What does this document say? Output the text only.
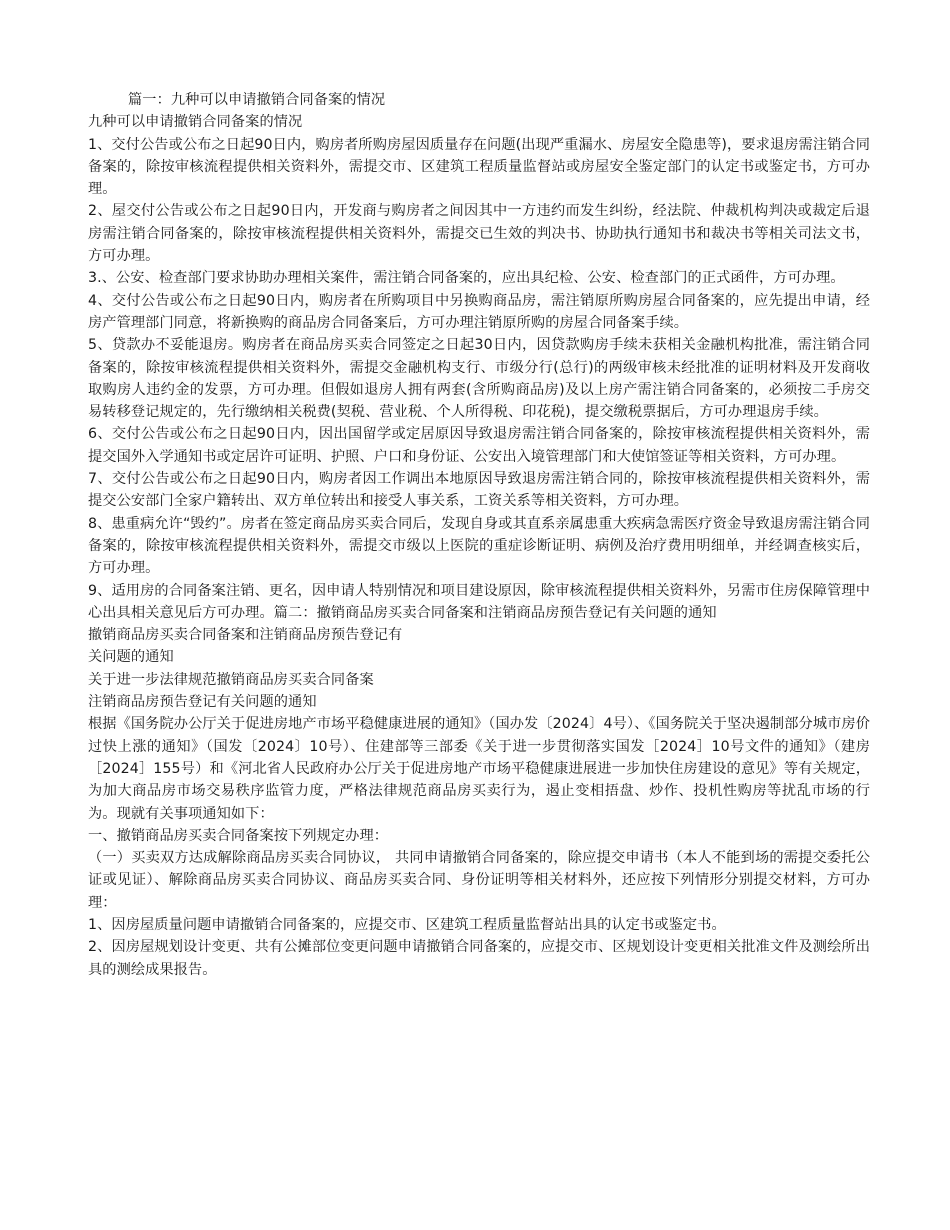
篇一：九种可以申请撤销合同备案的情况

九种可以申请撤销合同备案的情况

1、交付公告或公布之日起90日内，购房者所购房屋因质量存在问题(出现严重漏水、房屋安全隐患等)，要求退房需注销合同备案的，除按审核流程提供相关资料外，需提交市、区建筑工程质量监督站或房屋安全鉴定部门的认定书或鉴定书，方可办理。

2、屋交付公告或公布之日起90日内，开发商与购房者之间因其中一方违约而发生纠纷，经法院、仲裁机构判决或裁定后退房需注销合同备案的，除按审核流程提供相关资料外，需提交已生效的判决书、协助执行通知书和裁决书等相关司法文书，方可办理。

3.、公安、检查部门要求协助办理相关案件，需注销合同备案的，应出具纪检、公安、检查部门的正式函件，方可办理。

4、交付公告或公布之日起90日内，购房者在所购项目中另换购商品房，需注销原所购房屋合同备案的，应先提出申请，经房产管理部门同意，将新换购的商品房合同备案后，方可办理注销原所购的房屋合同备案手续。

5、贷款办不妥能退房。购房者在商品房买卖合同签定之日起30日内，因贷款购房手续未获相关金融机构批准，需注销合同备案的，除按审核流程提供相关资料外，需提交金融机构支行、市级分行(总行)的两级审核未经批准的证明材料及开发商收取购房人违约金的发票，方可办理。但假如退房人拥有两套(含所购商品房)及以上房产需注销合同备案的，必须按二手房交易转移登记规定的，先行缴纳相关税费(契税、营业税、个人所得税、印花税)，提交缴税票据后，方可办理退房手续。

6、交付公告或公布之日起90日内，因出国留学或定居原因导致退房需注销合同备案的，除按审核流程提供相关资料外，需提交国外入学通知书或定居许可证明、护照、户口和身份证、公安出入境管理部门和大使馆签证等相关资料，方可办理。

7、交付公告或公布之日起90日内，购房者因工作调出本地原因导致退房需注销合同的，除按审核流程提供相关资料外，需提交公安部门全家户籍转出、双方单位转出和接受人事关系，工资关系等相关资料，方可办理。

8、患重病允许“毁约”。房者在签定商品房买卖合同后，发现自身或其直系亲属患重大疾病急需医疗资金导致退房需注销合同备案的，除按审核流程提供相关资料外，需提交市级以上医院的重症诊断证明、病例及治疗费用明细单，并经调查核实后，方可办理。

9、适用房的合同备案注销、更名，因申请人特别情况和项目建设原因，除审核流程提供相关资料外，另需市住房保障管理中心出具相关意见后方可办理。篇二：撤销商品房买卖合同备案和注销商品房预告登记有关问题的通知

撤销商品房买卖合同备案和注销商品房预告登记有

关问题的通知

关于进一步法律规范撤销商品房买卖合同备案

注销商品房预告登记有关问题的通知

根据《国务院办公厅关于促进房地产市场平稳健康进展的通知》（国办发〔2024〕4号）、《国务院关于坚决遏制部分城市房价过快上涨的通知》（国发〔2024〕10号）、住建部等三部委《关于进一步贯彻落实国发［2024］10号文件的通知》（建房［2024］155号）和《河北省人民政府办公厅关于促进房地产市场平稳健康进展进一步加快住房建设的意见》等有关规定，为加大商品房市场交易秩序监管力度，严格法律规范商品房买卖行为，遏止变相捂盘、炒作、投机性购房等扰乱市场的行为。现就有关事项通知如下：

一、撤销商品房买卖合同备案按下列规定办理：

（一）买卖双方达成解除商品房买卖合同协议， 共同申请撤销合同备案的，除应提交申请书（本人不能到场的需提交委托公证或见证）、解除商品房买卖合同协议、商品房买卖合同、身份证明等相关材料外，还应按下列情形分别提交材料，方可办理：

1、因房屋质量问题申请撤销合同备案的，应提交市、区建筑工程质量监督站出具的认定书或鉴定书。

2、因房屋规划设计变更、共有公摊部位变更问题申请撤销合同备案的，应提交市、区规划设计变更相关批准文件及测绘所出具的测绘成果报告。
